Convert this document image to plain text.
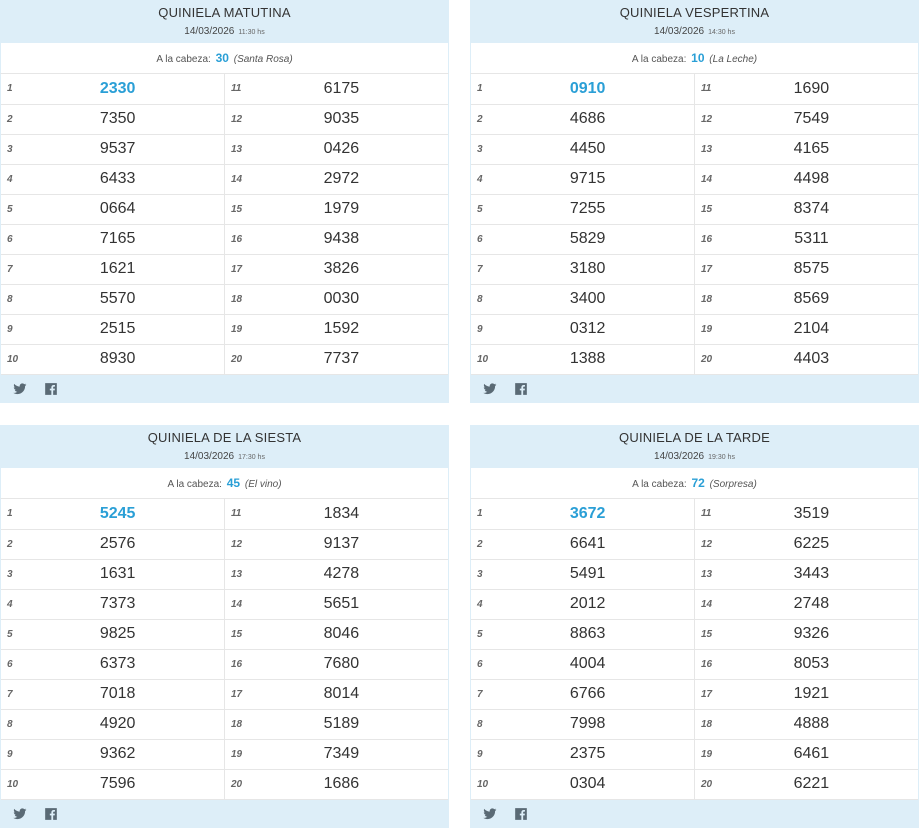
QUINIELA MATUTINA
14/03/2026 11:30 hs
A la cabeza: 30 (Santa Rosa)
1	2330	11	6175
2	7350	12	9035
3	9537	13	0426
4	6433	14	2972
5	0664	15	1979
6	7165	16	9438
7	1621	17	3826
8	5570	18	0030
9	2515	19	1592
10	8930	20	7737

QUINIELA VESPERTINA
14/03/2026 14:30 hs
A la cabeza: 10 (La Leche)
1	0910	11	1690
2	4686	12	7549
3	4450	13	4165
4	9715	14	4498
5	7255	15	8374
6	5829	16	5311
7	3180	17	8575
8	3400	18	8569
9	0312	19	2104
10	1388	20	4403

QUINIELA DE LA SIESTA
14/03/2026 17:30 hs
A la cabeza: 45 (El vino)
1	5245	11	1834
2	2576	12	9137
3	1631	13	4278
4	7373	14	5651
5	9825	15	8046
6	6373	16	7680
7	7018	17	8014
8	4920	18	5189
9	9362	19	7349
10	7596	20	1686

QUINIELA DE LA TARDE
14/03/2026 19:30 hs
A la cabeza: 72 (Sorpresa)
1	3672	11	3519
2	6641	12	6225
3	5491	13	3443
4	2012	14	2748
5	8863	15	9326
6	4004	16	8053
7	6766	17	1921
8	7998	18	4888
9	2375	19	6461
10	0304	20	6221
